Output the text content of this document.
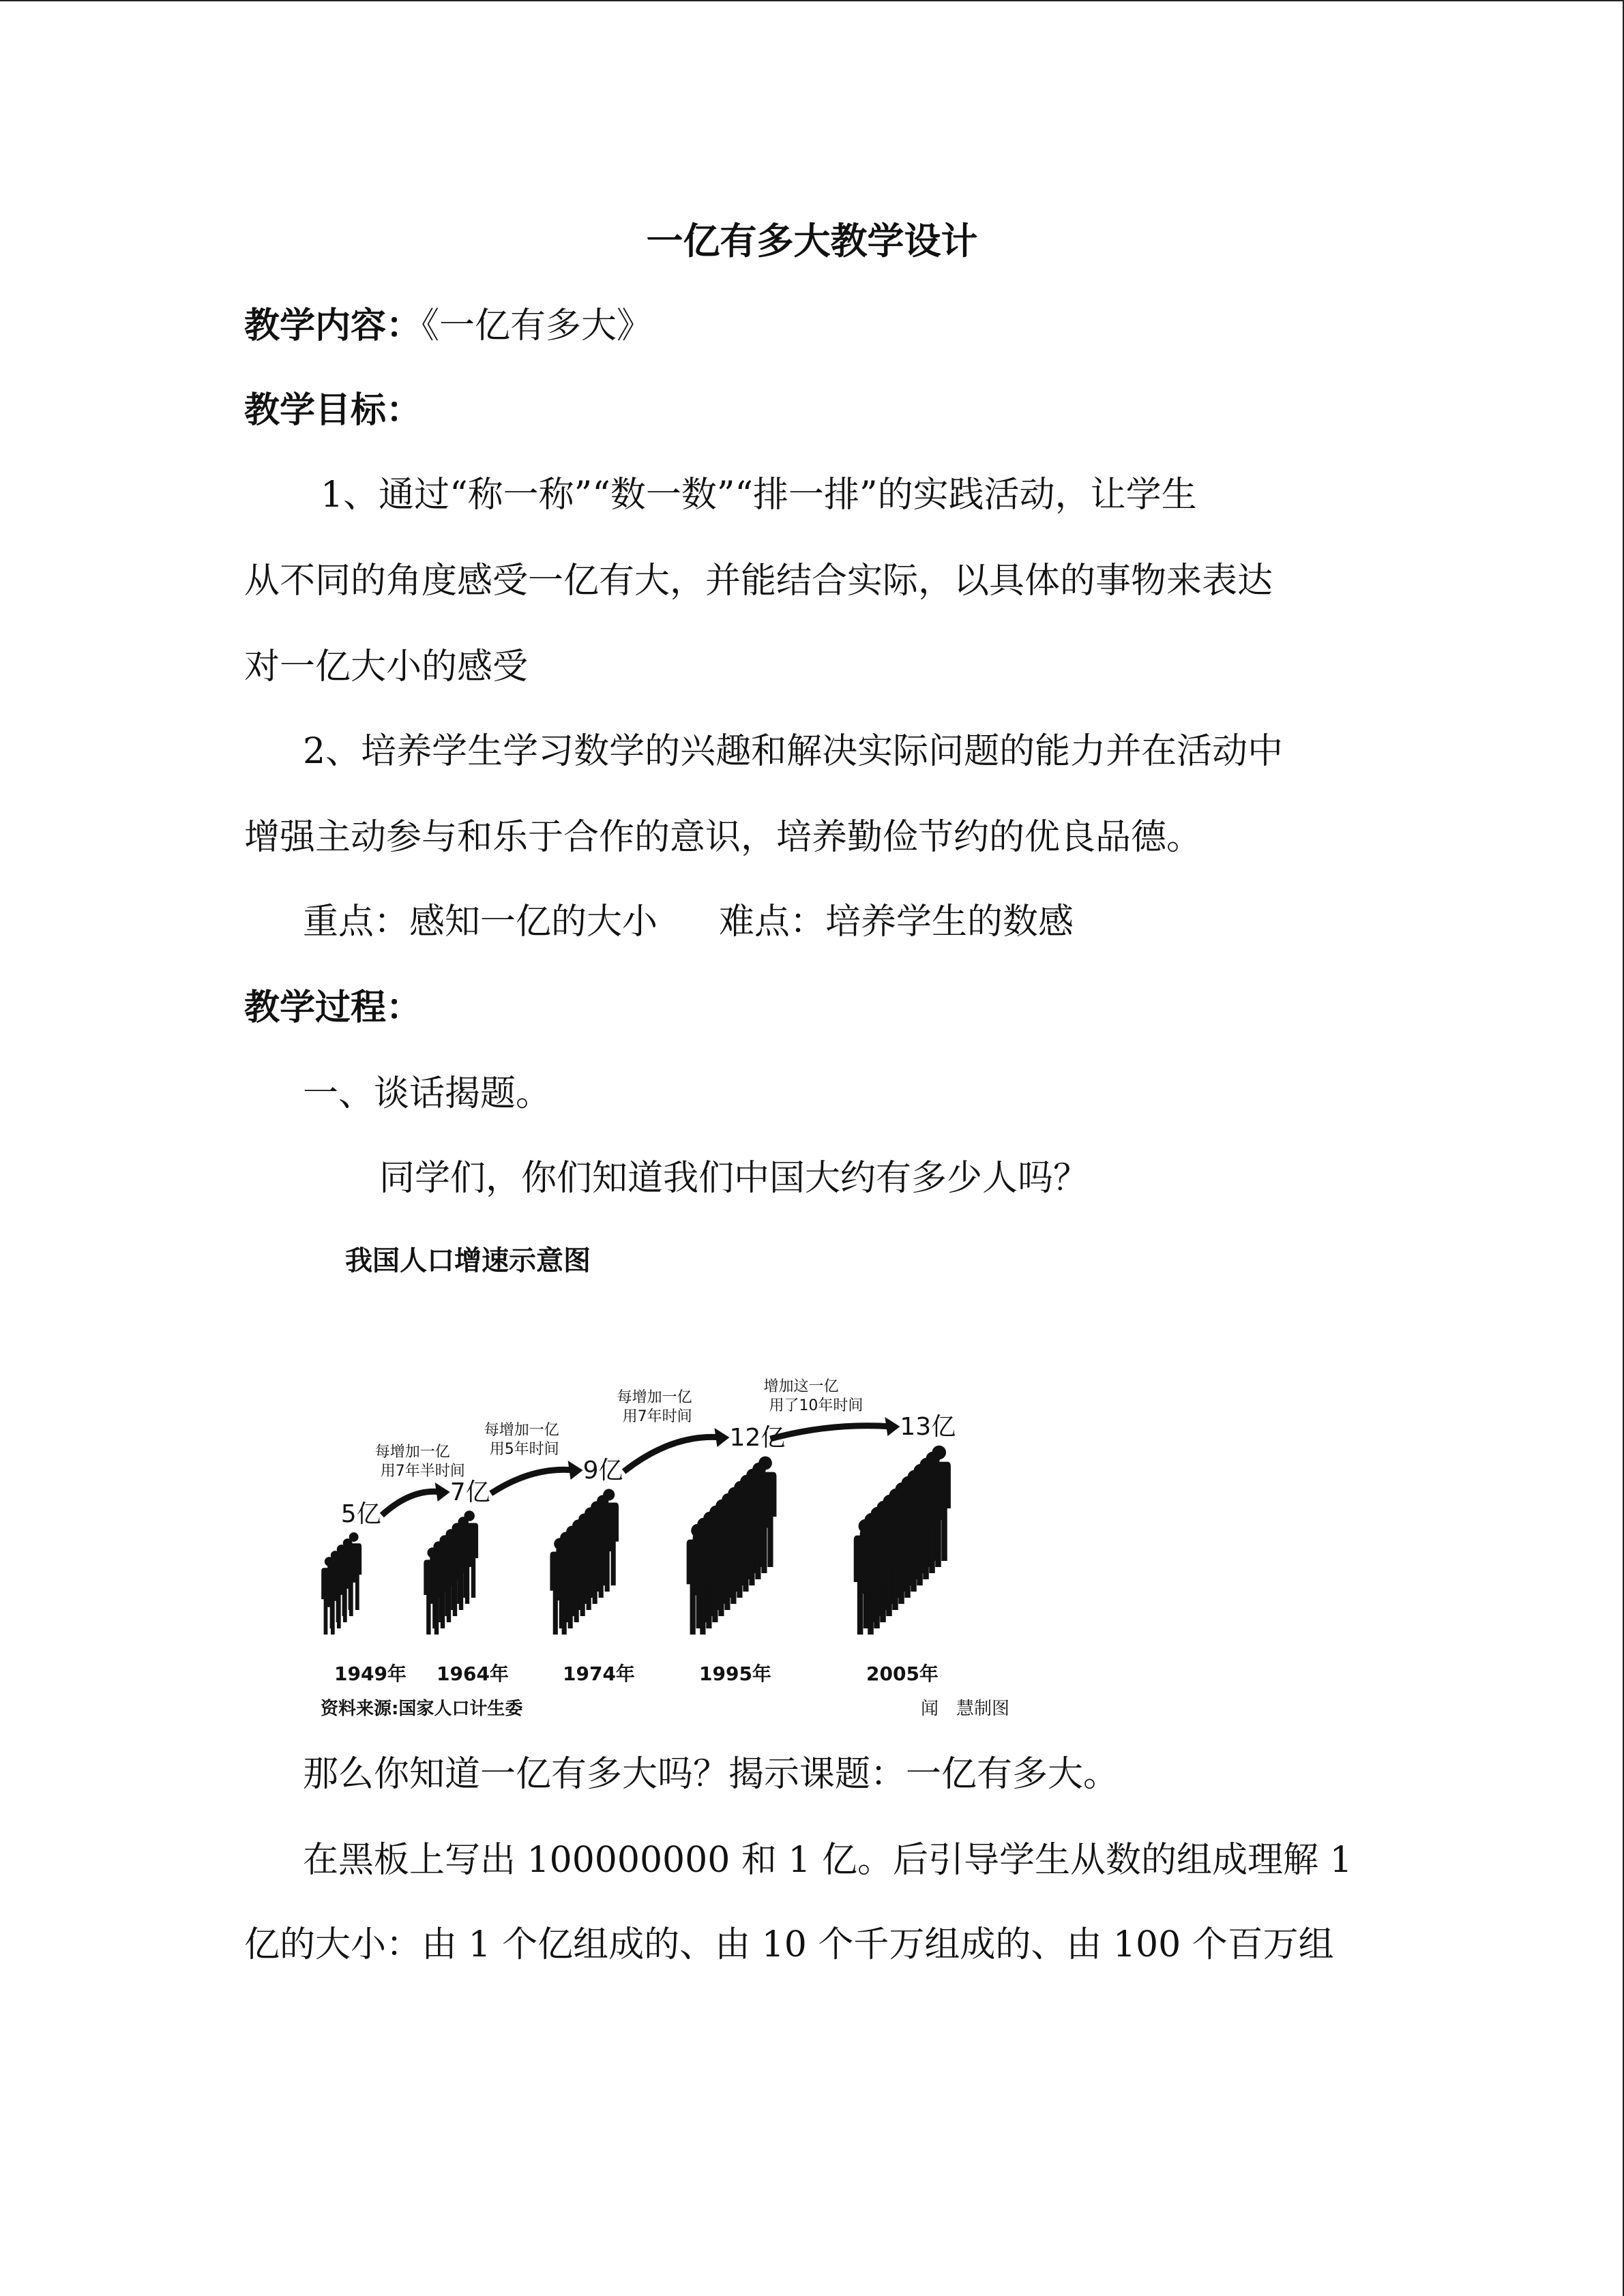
一亿有多大教学设计

教学内容：《一亿有多大》

教学目标：

1、通过“称一称”“数一数”“排一排”的实践活动，让学生

从不同的角度感受一亿有大，并能结合实际，以具体的事物来表达

对一亿大小的感受

2、培养学生学习数学的兴趣和解决实际问题的能力并在活动中

增强主动参与和乐于合作的意识，培养勤俭节约的优良品德。

重点：感知一亿的大小 难点：培养学生的数感

教学过程：

一、谈话揭题。

同学们，你们知道我们中国大约有多少人吗？

我国人口增速示意图
5亿
1949年
7亿
1964年
9亿
1974年
12亿
1995年
13亿
2005年
每增加一亿
用7年半时间
每增加一亿
用5年时间
每增加一亿
用7年时间
增加这一亿
用了10年时间
资料来源:国家人口计生委	闻　慧制图

那么你知道一亿有多大吗？揭示课题：一亿有多大。

在黑板上写出 100000000 和 1 亿。后引导学生从数的组成理解 1

亿的大小：由 1 个亿组成的、由 10 个千万组成的、由 100 个百万组
